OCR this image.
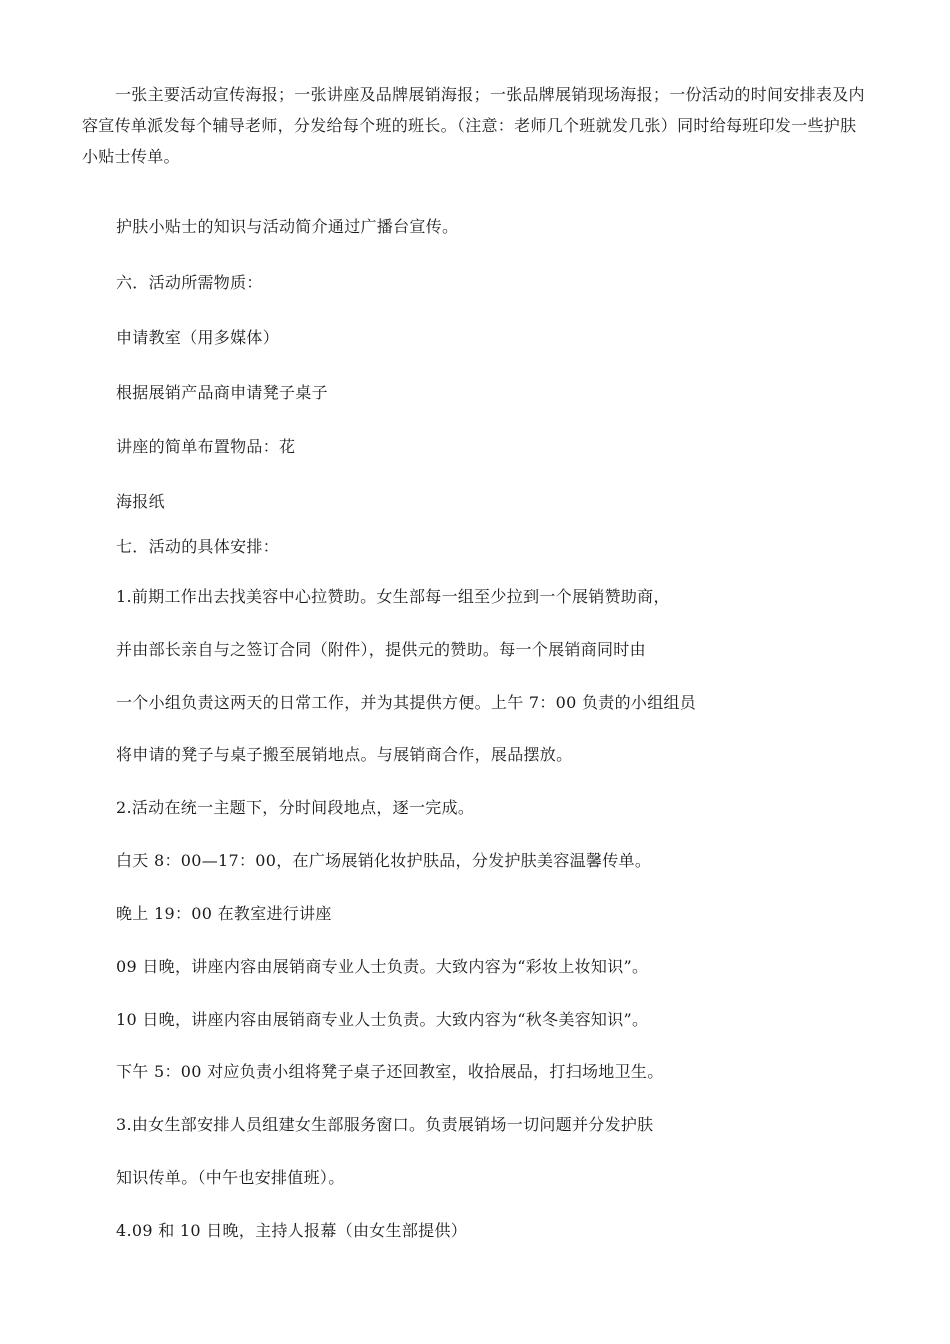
一张主要活动宣传海报；一张讲座及品牌展销海报；一张品牌展销现场海报；一份活动的时间安排表及内容宣传单派发每个辅导老师，分发给每个班的班长。（注意：老师几个班就发几张）同时给每班印发一些护肤小贴士传单。

护肤小贴士的知识与活动简介通过广播台宣传。

六．活动所需物质：

申请教室（用多媒体）

根据展销产品商申请凳子桌子

讲座的简单布置物品：花

海报纸

七．活动的具体安排：

1.前期工作出去找美容中心拉赞助。女生部每一组至少拉到一个展销赞助商，

并由部长亲自与之签订合同（附件），提供元的赞助。每一个展销商同时由

一个小组负责这两天的日常工作，并为其提供方便。上午 7：00 负责的小组组员

将申请的凳子与桌子搬至展销地点。与展销商合作，展品摆放。

2.活动在统一主题下，分时间段地点，逐一完成。

白天 8：00—17：00，在广场展销化妆护肤品，分发护肤美容温馨传单。

晚上 19：00 在教室进行讲座

09 日晚，讲座内容由展销商专业人士负责。大致内容为“彩妆上妆知识”。

10 日晚，讲座内容由展销商专业人士负责。大致内容为“秋冬美容知识”。

下午 5：00 对应负责小组将凳子桌子还回教室，收拾展品，打扫场地卫生。

3.由女生部安排人员组建女生部服务窗口。负责展销场一切问题并分发护肤

知识传单。（中午也安排值班）。

4.09 和 10 日晚，主持人报幕（由女生部提供）
